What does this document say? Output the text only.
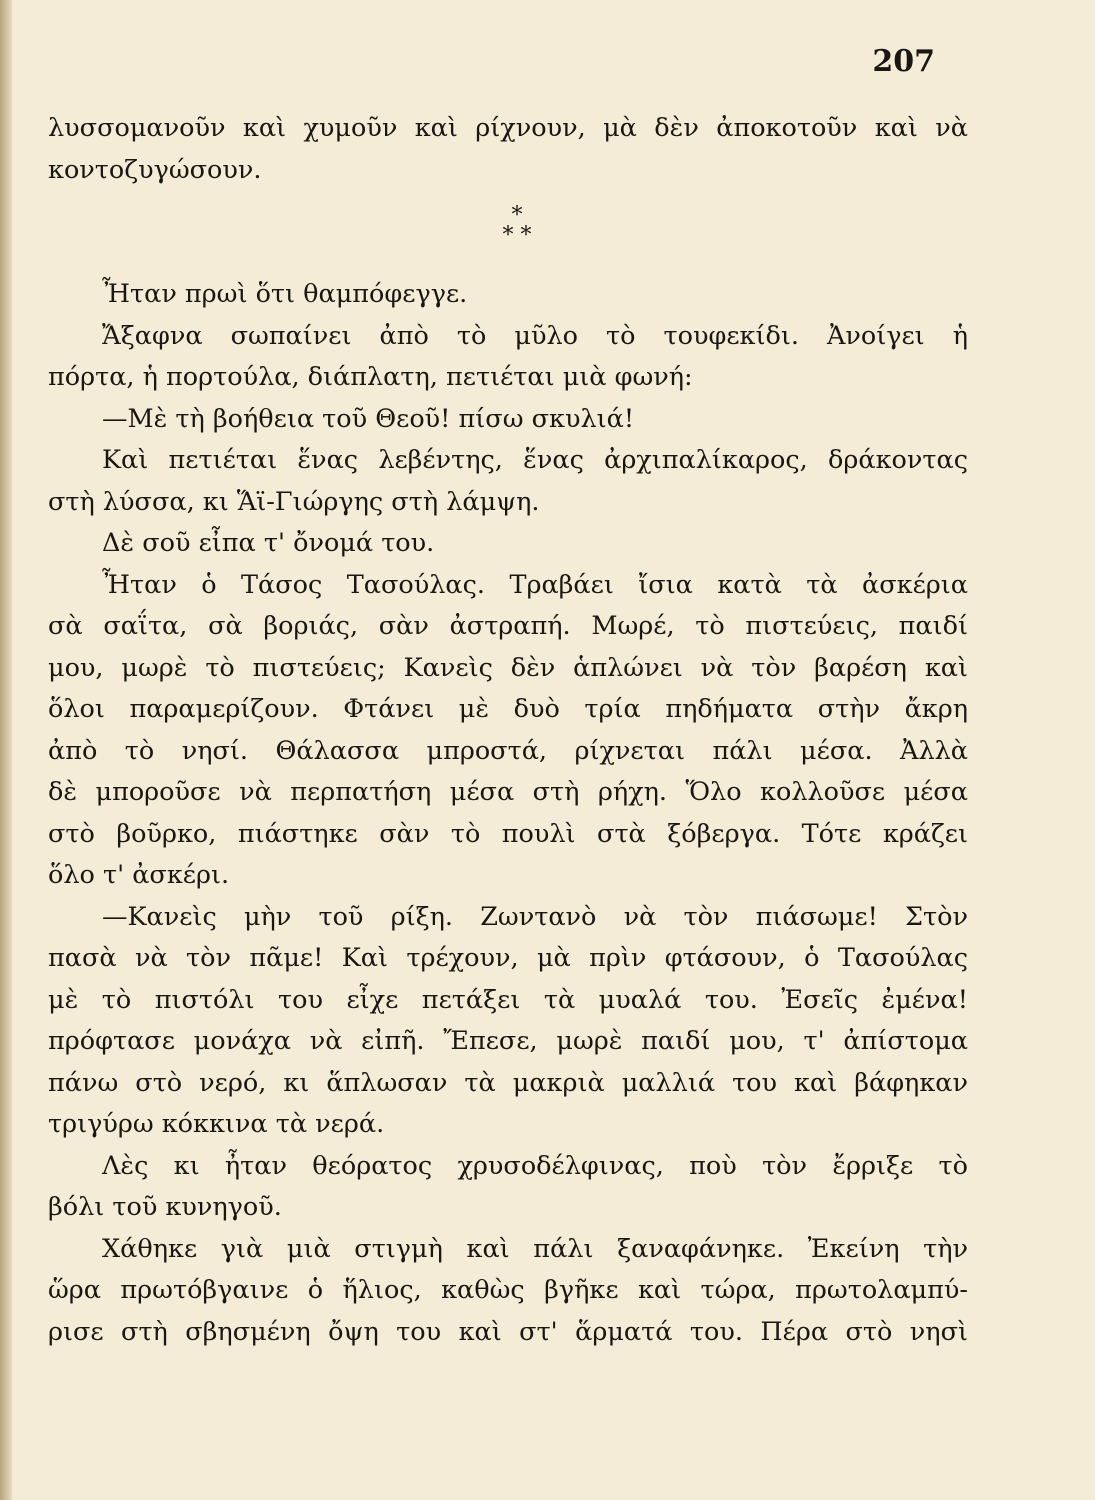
207
*
* *
λυσσομανοῦν καὶ χυμοῦν καὶ ρίχνουν, μὰ δὲν ἀποκοτοῦν καὶ νὰ
κοντοζυγώσουν.
Ἦταν πρωὶ ὅτι θαμπόφεγγε.
Ἄξαφνα σωπαίνει ἀπὸ τὸ μῦλο τὸ τουφεκίδι. Ἀνοίγει ἡ
πόρτα, ἡ πορτούλα, διάπλατη, πετιέται μιὰ φωνή:
—Μὲ τὴ βοήθεια τοῦ Θεοῦ! πίσω σκυλιά!
Καὶ πετιέται ἕνας λεβέντης, ἕνας ἀρχιπαλίκαρος, δράκοντας
στὴ λύσσα, κι Ἅϊ-Γιώργης στὴ λάμψη.
Δὲ σοῦ εἶπα τ' ὄνομά του.
Ἦταν ὁ Τάσος Τασούλας. Τραβάει ἴσια κατὰ τὰ ἀσκέρια
σὰ σαΐτα, σὰ βοριάς, σὰν ἀστραπή. Μωρέ, τὸ πιστεύεις, παιδί
μου, μωρὲ τὸ πιστεύεις; Κανεὶς δὲν ἁπλώνει νὰ τὸν βαρέση καὶ
ὅλοι παραμερίζουν. Φτάνει μὲ δυὸ τρία πηδήματα στὴν ἄκρη
ἀπὸ τὸ νησί. Θάλασσα μπροστά, ρίχνεται πάλι μέσα. Ἀλλὰ
δὲ μποροῦσε νὰ περπατήση μέσα στὴ ρήχη. Ὅλο κολλοῦσε μέσα
στὸ βοῦρκο, πιάστηκε σὰν τὸ πουλὶ στὰ ξόβεργα. Τότε κράζει
ὅλο τ' ἀσκέρι.
—Κανεὶς μὴν τοῦ ρίξη. Ζωντανὸ νὰ τὸν πιάσωμε! Στὸν
πασὰ νὰ τὸν πᾶμε! Καὶ τρέχουν, μὰ πρὶν φτάσουν, ὁ Τασούλας
μὲ τὸ πιστόλι του εἶχε πετάξει τὰ μυαλά του. Ἐσεῖς ἐμένα!
πρόφτασε μονάχα νὰ εἰπῆ. Ἔπεσε, μωρὲ παιδί μου, τ' ἀπίστομα
πάνω στὸ νερό, κι ἅπλωσαν τὰ μακριὰ μαλλιά του καὶ βάφηκαν
τριγύρω κόκκινα τὰ νερά.
Λὲς κι ἦταν θεόρατος χρυσοδέλφινας, ποὺ τὸν ἔρριξε τὸ
βόλι τοῦ κυνηγοῦ.
Χάθηκε γιὰ μιὰ στιγμὴ καὶ πάλι ξαναφάνηκε. Ἐκείνη τὴν
ὥρα πρωτόβγαινε ὁ ἥλιος, καθὼς βγῆκε καὶ τώρα, πρωτολαμπύ-
ρισε στὴ σβησμένη ὄψη του καὶ στ' ἅρματά του. Πέρα στὸ νησὶ
